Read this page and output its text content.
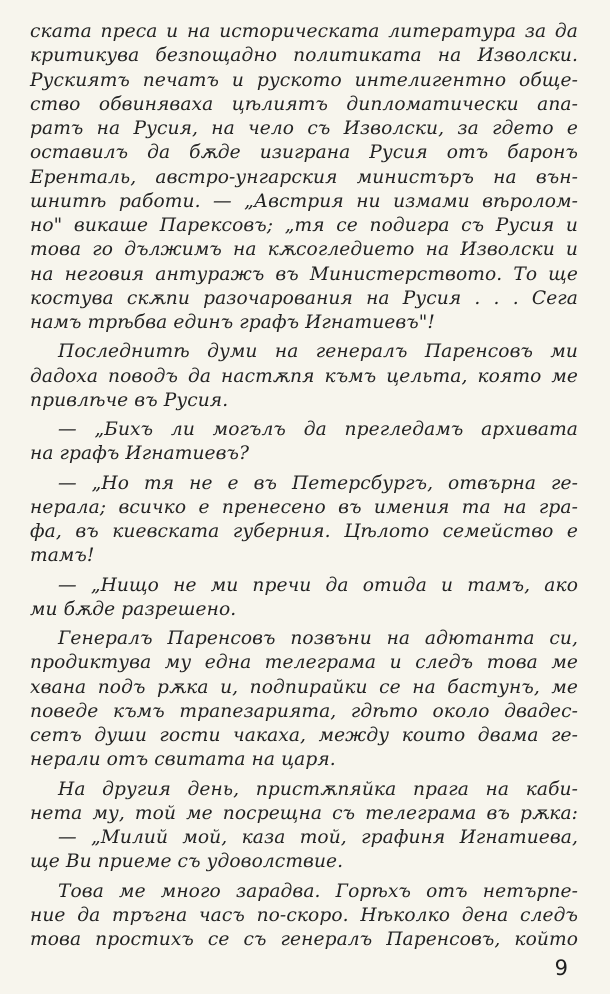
ската преса и на историческата литература за да
критикува безпощадно политиката на Изволски.
Рускиятъ печатъ и руското интелигентно обще-
ство обвиняваха цѣлиятъ дипломатически апа-
ратъ на Русия, на чело съ Изволски, за гдето е
оставилъ да бѫде изиграна Русия отъ баронъ
Еренталь, австро-унгарския министъръ на вън-
шнитѣ работи. — „Австрия ни измами вѣролом-
но" викаше Парексовъ; „тя се подигра съ Русия и
това го дължимъ на кѫсогледието на Изволски и
на неговия антуражъ въ Министерството. То ще
костува скѫпи разочарования на Русия . . . Сега
намъ трѣбва единъ графъ Игнатиевъ"!
Последнитѣ думи на генералъ Паренсовъ ми
дадоха поводъ да настѫпя къмъ цельта, която ме
привлѣче въ Русия.
— „Бихъ ли могълъ да прегледамъ архивата
на графъ Игнатиевъ?
— „Но тя не е въ Петерсбургъ, отвърна ге-
нерала; всичко е пренесено въ имения та на гра-
фа, въ киевската губерния. Цѣлото семейство е
тамъ!
— „Нищо не ми пречи да отида и тамъ, ако
ми бѫде разрешено.
Генералъ Паренсовъ позвъни на адютанта си,
продиктува му една телеграма и следъ това ме
хвана подъ рѫка и, подпирайки се на бастунъ, ме
поведе къмъ трапезарията, гдѣто около двадес-
сетъ души гости чакаха, между които двама ге-
нерали отъ свитата на царя.
На другия день, пристѫпяйка прага на каби-
нета му, той ме посрещна съ телеграма въ рѫка:
— „Милий мой, каза той, графиня Игнатиева,
ще Ви приеме съ удоволствие.
Това ме много зарадва. Горѣхъ отъ нетърпе-
ние да тръгна часъ по-скоро. Нѣколко дена следъ
това простихъ се съ генералъ Паренсовъ, който
9
